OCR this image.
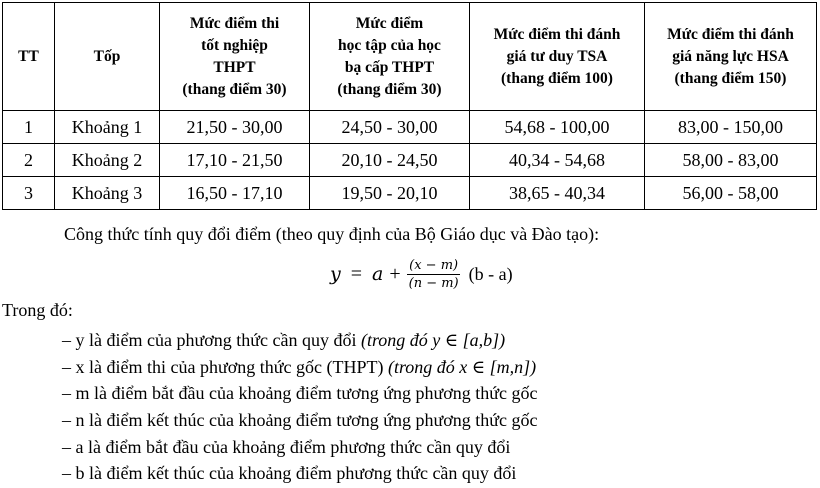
TT	Tốp	Mức điểm thi
tốt nghiệp
THPT
(thang điểm 30)	Mức điểm
học tập của học
bạ cấp THPT
(thang điểm 30)	Mức điểm thi đánh
giá tư duy TSA
(thang điểm 100)	Mức điểm thi đánh
giá năng lực HSA
(thang điểm 150)

1	Khoảng 1	21,50 - 30,00	24,50 - 30,00	54,68 - 100,00	83,00 - 150,00
2	Khoảng 2	17,10 - 21,50	20,10 - 24,50	40,34 - 54,68	58,00 - 83,00
3	Khoảng 3	16,50 - 17,10	19,50 - 20,10	38,65 - 40,34	56,00 - 58,00
Công thức tính quy đổi điểm (theo quy định của Bộ Giáo dục và Đào tạo):
$y = a + \frac{(x - m)}{(n - m)} (b - a)$
Trong đó:
– y là điểm của phương thức cần quy đổi (trong đó y ∈ [a,b])
– x là điểm thi của phương thức gốc (THPT) (trong đó x ∈ [m,n])
– m là điểm bắt đầu của khoảng điểm tương ứng phương thức gốc
– n là điểm kết thúc của khoảng điểm tương ứng phương thức gốc
– a là điểm bắt đầu của khoảng điểm phương thức cần quy đổi
– b là điểm kết thúc của khoảng điểm phương thức cần quy đổi
